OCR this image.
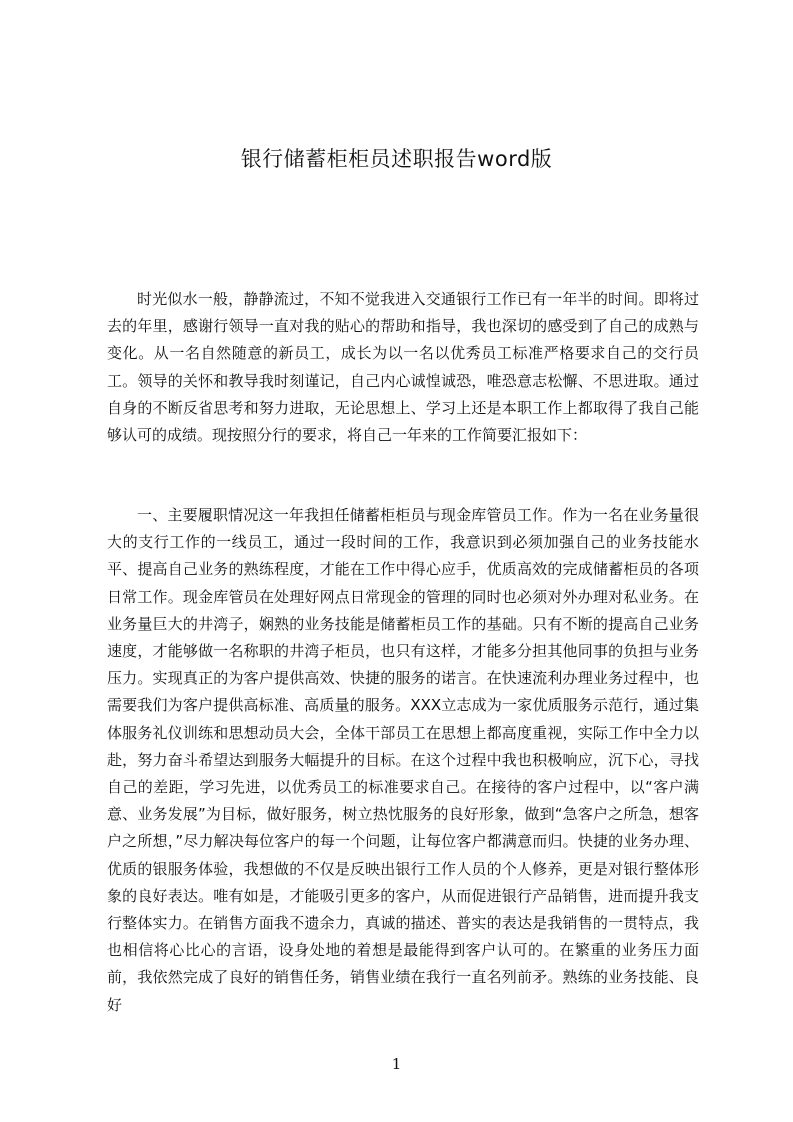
银行储蓄柜柜员述职报告word版

时光似水一般，静静流过，不知不觉我进入交通银行工作已有一年半的时间。即将过去的年里，感谢行领导一直对我的贴心的帮助和指导，我也深切的感受到了自己的成熟与变化。从一名自然随意的新员工，成长为以一名以优秀员工标准严格要求自己的交行员工。领导的关怀和教导我时刻谨记，自己内心诚惶诚恐，唯恐意志松懈、不思进取。通过自身的不断反省思考和努力进取，无论思想上、学习上还是本职工作上都取得了我自己能够认可的成绩。现按照分行的要求，将自己一年来的工作简要汇报如下：

一、主要履职情况这一年我担任储蓄柜柜员与现金库管员工作。作为一名在业务量很大的支行工作的一线员工，通过一段时间的工作，我意识到必须加强自己的业务技能水平、提高自己业务的熟练程度，才能在工作中得心应手，优质高效的完成储蓄柜员的各项日常工作。现金库管员在处理好网点日常现金的管理的同时也必须对外办理对私业务。在业务量巨大的井湾子，娴熟的业务技能是储蓄柜员工作的基础。只有不断的提高自己业务速度，才能够做一名称职的井湾子柜员，也只有这样，才能多分担其他同事的负担与业务压力。实现真正的为客户提供高效、快捷的服务的诺言。在快速流利办理业务过程中，也需要我们为客户提供高标准、高质量的服务。XXX立志成为一家优质服务示范行，通过集体服务礼仪训练和思想动员大会，全体干部员工在思想上都高度重视，实际工作中全力以赴，努力奋斗希望达到服务大幅提升的目标。在这个过程中我也积极响应，沉下心，寻找自己的差距，学习先进，以优秀员工的标准要求自己。在接待的客户过程中，以“客户满意、业务发展”为目标，做好服务，树立热忱服务的良好形象，做到“急客户之所急，想客户之所想，”尽力解决每位客户的每一个问题，让每位客户都满意而归。快捷的业务办理、优质的银服务体验，我想做的不仅是反映出银行工作人员的个人修养，更是对银行整体形象的良好表达。唯有如是，才能吸引更多的客户，从而促进银行产品销售，进而提升我支行整体实力。在销售方面我不遗余力，真诚的描述、普实的表达是我销售的一贯特点，我也相信将心比心的言语，设身处地的着想是最能得到客户认可的。在繁重的业务压力面前，我依然完成了良好的销售任务，销售业绩在我行一直名列前矛。熟练的业务技能、良好

1
